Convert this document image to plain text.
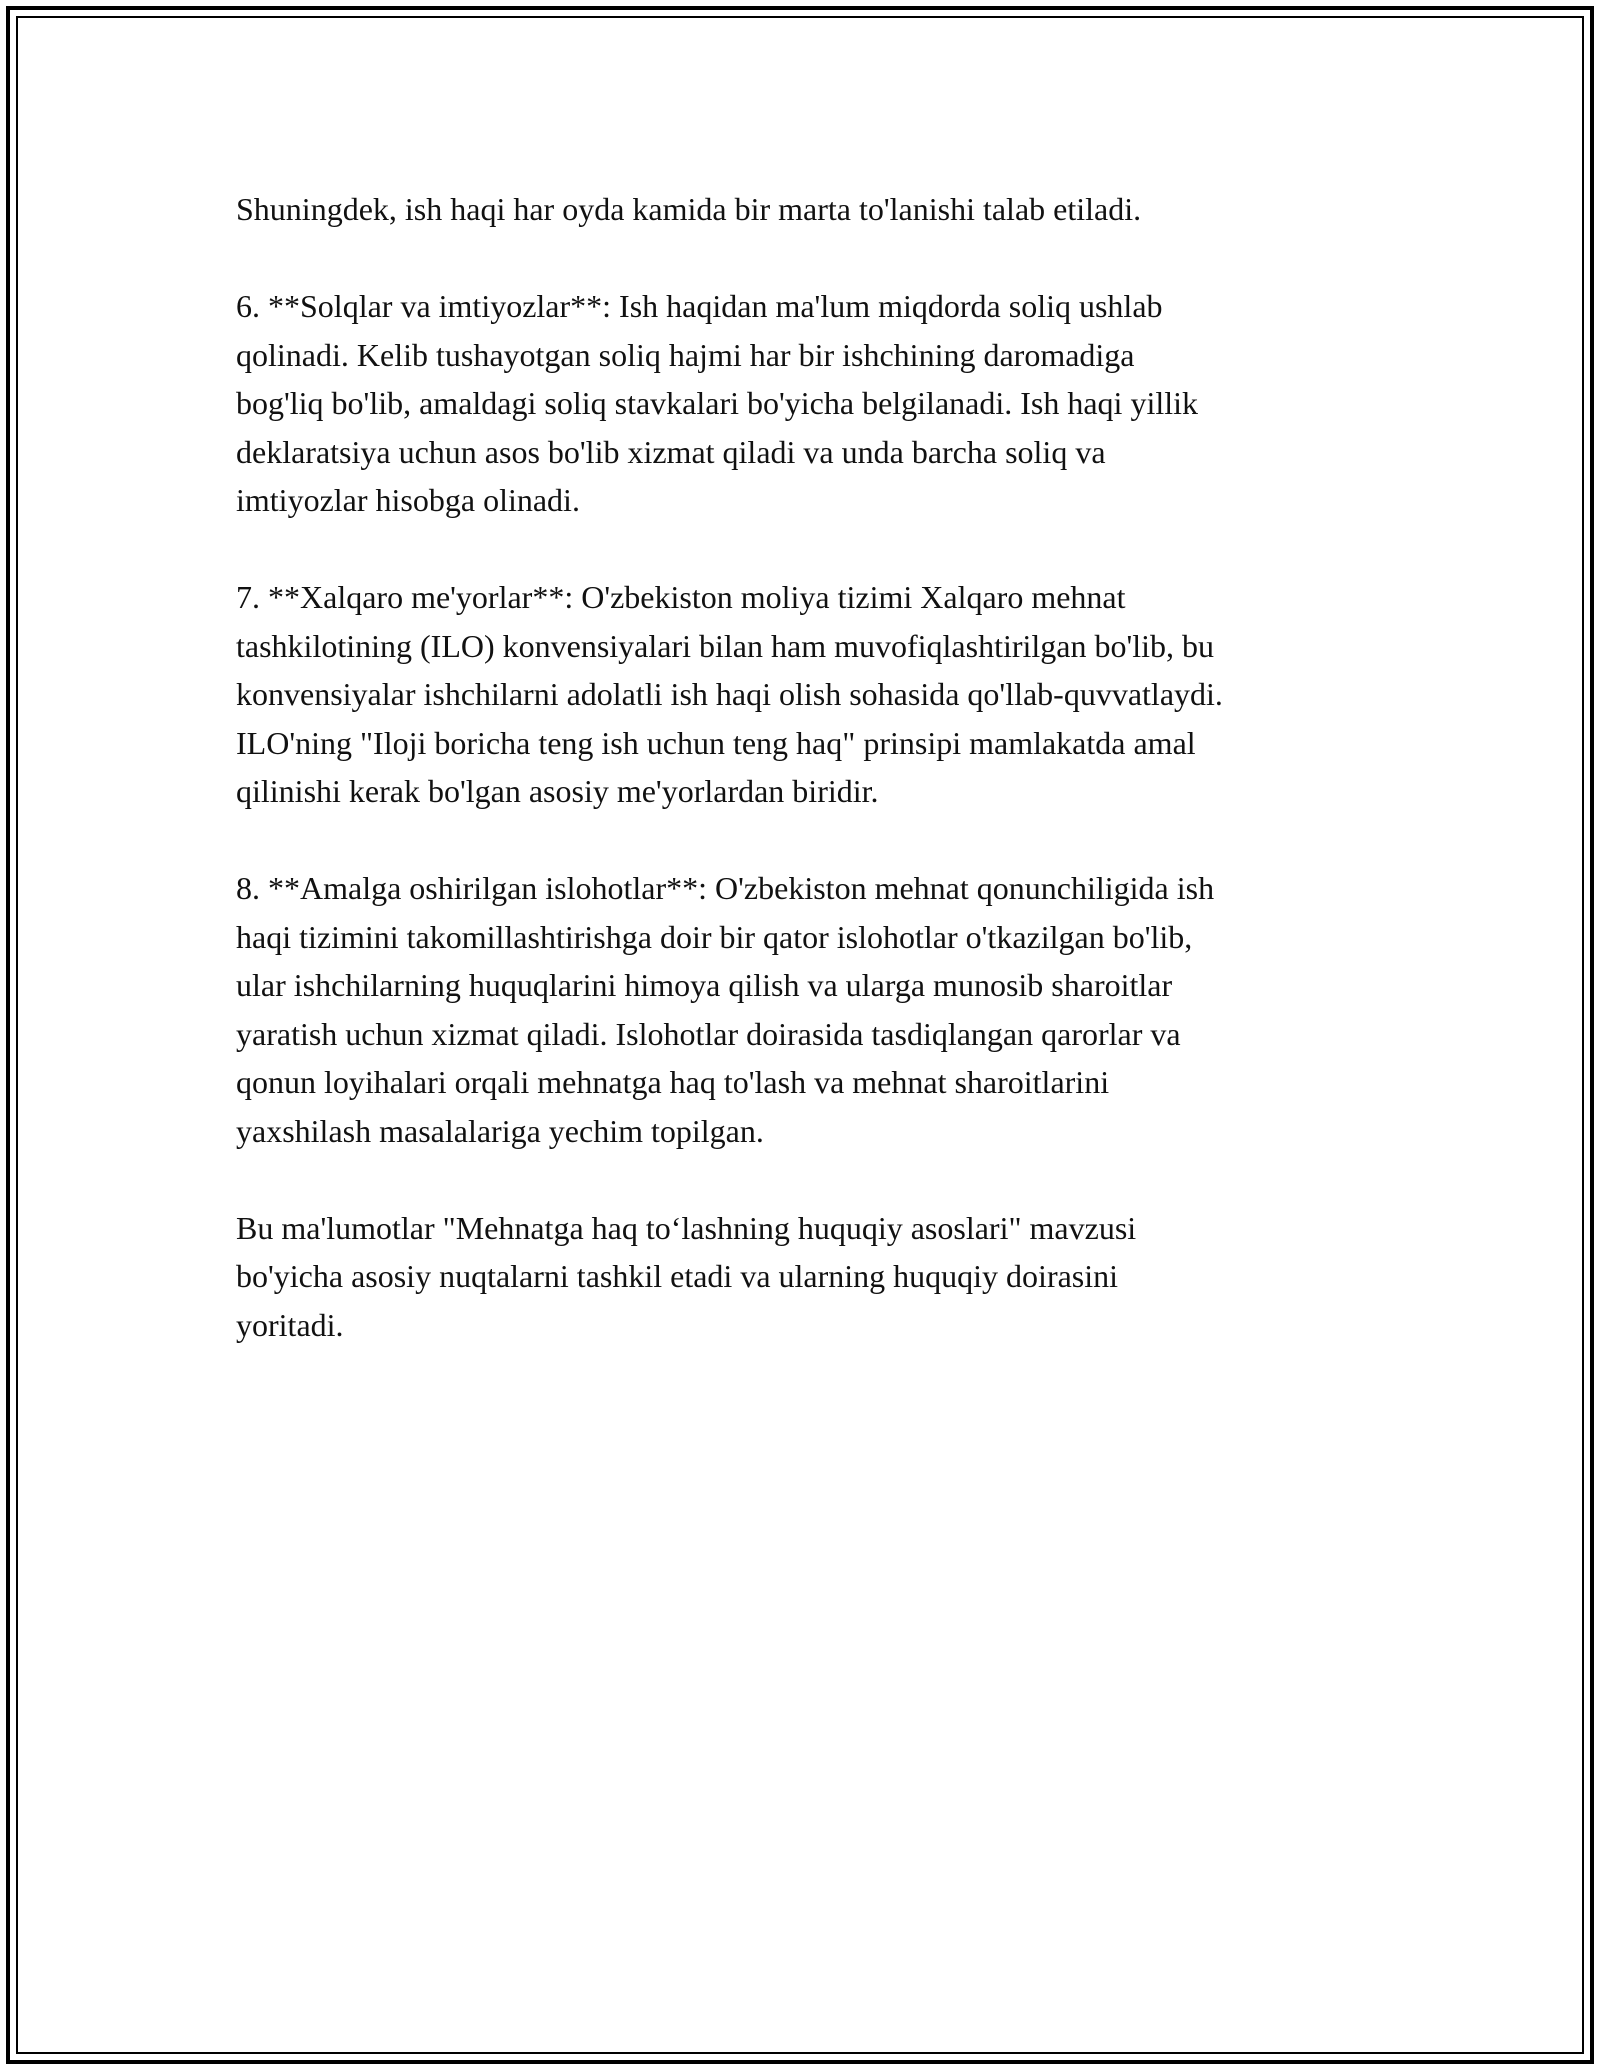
Shuningdek, ish haqi har oyda kamida bir marta to'lanishi talab etiladi.

6. **Solqlar va imtiyozlar**: Ish haqidan ma'lum miqdorda soliq ushlab
qolinadi. Kelib tushayotgan soliq hajmi har bir ishchining daromadiga
bog'liq bo'lib, amaldagi soliq stavkalari bo'yicha belgilanadi. Ish haqi yillik
deklaratsiya uchun asos bo'lib xizmat qiladi va unda barcha soliq va
imtiyozlar hisobga olinadi.

7. **Xalqaro me'yorlar**: O'zbekiston moliya tizimi Xalqaro mehnat
tashkilotining (ILO) konvensiyalari bilan ham muvofiqlashtirilgan bo'lib, bu
konvensiyalar ishchilarni adolatli ish haqi olish sohasida qo'llab-quvvatlaydi.
ILO'ning "Iloji boricha teng ish uchun teng haq" prinsipi mamlakatda amal
qilinishi kerak bo'lgan asosiy me'yorlardan biridir.

8. **Amalga oshirilgan islohotlar**: O'zbekiston mehnat qonunchiligida ish
haqi tizimini takomillashtirishga doir bir qator islohotlar o'tkazilgan bo'lib,
ular ishchilarning huquqlarini himoya qilish va ularga munosib sharoitlar
yaratish uchun xizmat qiladi. Islohotlar doirasida tasdiqlangan qarorlar va
qonun loyihalari orqali mehnatga haq to'lash va mehnat sharoitlarini
yaxshilash masalalariga yechim topilgan.

Bu ma'lumotlar "Mehnatga haq to‘lashning huquqiy asoslari" mavzusi
bo'yicha asosiy nuqtalarni tashkil etadi va ularning huquqiy doirasini
yoritadi.
